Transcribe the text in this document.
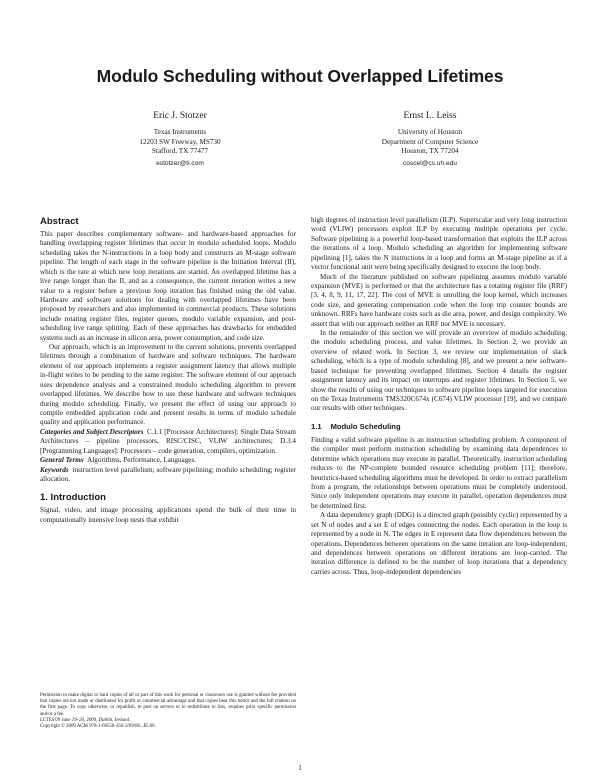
Modulo Scheduling without Overlapped Lifetimes
Eric J. Stotzer
Texas Instruments
12203 SW Freeway, MS730
Stafford, TX 77477
estotzer@ti.com
Ernst L. Leiss
University of Houston
Department of Computer Science
Houston, TX 77204
coscel@cs.uh.edu
Abstract

This paper describes complementary software- and hardware-based approaches for handling overlapping register lifetimes that occur in modulo scheduled loops. Modulo scheduling takes the N-instructions in a loop body and constructs an M-stage software pipeline. The length of each stage in the software pipeline is the Initiation Interval (II), which is the rate at which new loop iterations are started. An overlapped lifetime has a live range longer than the II, and as a consequence, the current iteration writes a new value to a register before a previous loop iteration has finished using the old value. Hardware and software solutions for dealing with overlapped lifetimes have been proposed by researchers and also implemented in commercial products. These solutions include rotating register files, register queues, modulo variable expansion, and post-scheduling live range splitting. Each of these approaches has drawbacks for embedded systems such as an increase in silicon area, power consumption, and code size.

Our approach, which is an improvement to the current solutions, prevents overlapped lifetimes through a combination of hardware and software techniques. The hardware element of our approach implements a register assignment latency that allows multiple in-flight writes to be pending to the same register. The software element of our approach uses dependence analysis and a constrained modulo scheduling algorithm to prevent overlapped lifetimes. We describe how to use these hardware and software techniques during modulo scheduling. Finally, we present the effect of using our approach to compile embedded application code and present results in terms of modulo schedule quality and application performance.

Categories and Subject Descriptors C.1.1 [Processor Architectures]: Single Data Stream Architectures – pipeline processors, RISC/CISC, VLIW architectures; D.3.4 [Programming Languages]: Processors – code generation, compilers, optimization.

General Terms Algorithms, Performance, Languages.

Keywords instruction level parallelism; software pipelining; modulo scheduling; register allocation.

1. Introduction

Signal, video, and image processing applications spend the bulk of their time in computationally intensive loop nests that exhibit

Permission to make digital or hard copies of all or part of this work for personal or classroom use is granted without fee provided that copies are not made or distributed for profit or commercial advantage and that copies bear this notice and the full citation on the first page. To copy otherwise, or republish, to post on servers or to redistribute to lists, requires prior specific permission and/or a fee.

LCTES'09 June 19–20, 2009, Dublin, Ireland.

Copyright © 2009 ACM 978-1-60558-356-3/09/06...$5.00.

high degrees of instruction level parallelism (ILP). Superscalar and very long instruction word (VLIW) processors exploit ILP by executing multiple operations per cycle. Software pipelining is a powerful loop-based transformation that exploits the ILP across the iterations of a loop. Modulo scheduling an algorithm for implementing software pipelining [1], takes the N instructions in a loop and forms an M-stage pipeline as if a vector functional unit were being specifically designed to execute the loop body.

Much of the literature published on software pipelining assumes modulo variable expansion (MVE) is performed or that the architecture has a rotating register file (RRF) [3, 4, 8, 9, 11, 17, 22]. The cost of MVE is unrolling the loop kernel, which increases code size, and generating compensation code when the loop trip counter bounds are unknown. RRFs have hardware costs such as die area, power, and design complexity. We assert that with our approach neither an RRF nor MVE is necessary.

In the remainder of this section we will provide an overview of modulo scheduling, the modulo scheduling process, and value lifetimes. In Section 2, we provide an overview of related work. In Section 3, we review our implementation of slack scheduling, which is a type of modulo scheduling [8], and we present a new software-based technique for preventing overlapped lifetimes. Section 4 details the register assignment latency and its impact on interrupts and register lifetimes. In Section 5, we show the results of using our techniques to software pipeline loops targeted for execution on the Texas Instruments TMS320C674x (C674) VLIW processor [19], and we compare our results with other techniques.

1.1 Modulo Scheduling

Finding a valid software pipeline is an instruction scheduling problem. A component of the compiler must perform instruction scheduling by examining data dependences to determine which operations may execute in parallel. Theoretically, instruction scheduling reduces to the NP-complete bounded resource scheduling problem [11]; therefore, heuristics-based scheduling algorithms must be developed. In order to extract parallelism from a program, the relationships between operations must be completely understood. Since only independent operations may execute in parallel, operation dependences must be determined first.

A data dependency graph (DDG) is a directed graph (possibly cyclic) represented by a set N of nodes and a set E of edges connecting the nodes. Each operation in the loop is represented by a node in N. The edges in E represent data flow dependences between the operations. Dependences between operations on the same iteration are loop-independent, and dependences between operations on different iterations are loop-carried. The iteration difference is defined to be the number of loop iterations that a dependency carries across. Thus, loop-independent dependencies

1
